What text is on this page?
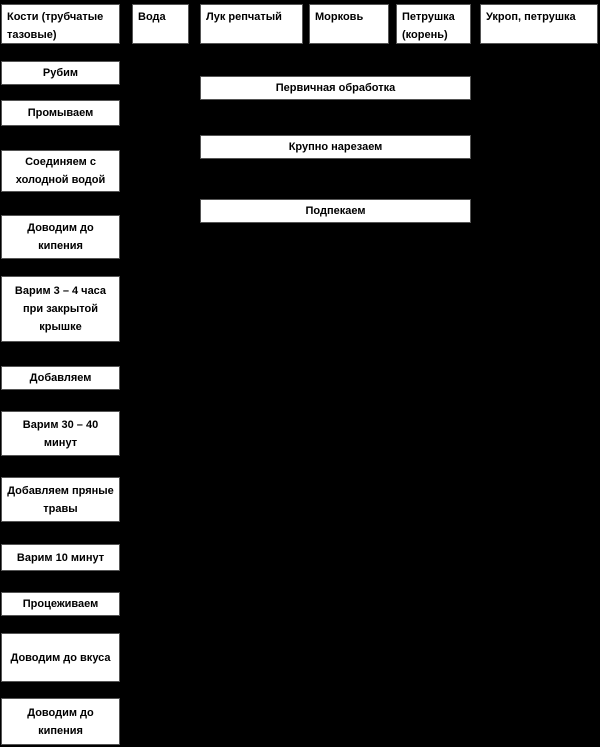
Кости (трубчатые тазовые)
Вода	Лук репчатый	Морковь	Петрушка (корень)
Укроп, петрушка
Рубим
Промываем
Соединяем с холодной водой
Доводим до кипения
Варим 3 – 4 часа при закрытой крышке
Добавляем
Варим 30 – 40 минут
Добавляем пряные травы
Варим 10 минут
Процеживаем
Доводим до вкуса
Доводим до кипения
Первичная обработка
Крупно нарезаем
Подпекаем
